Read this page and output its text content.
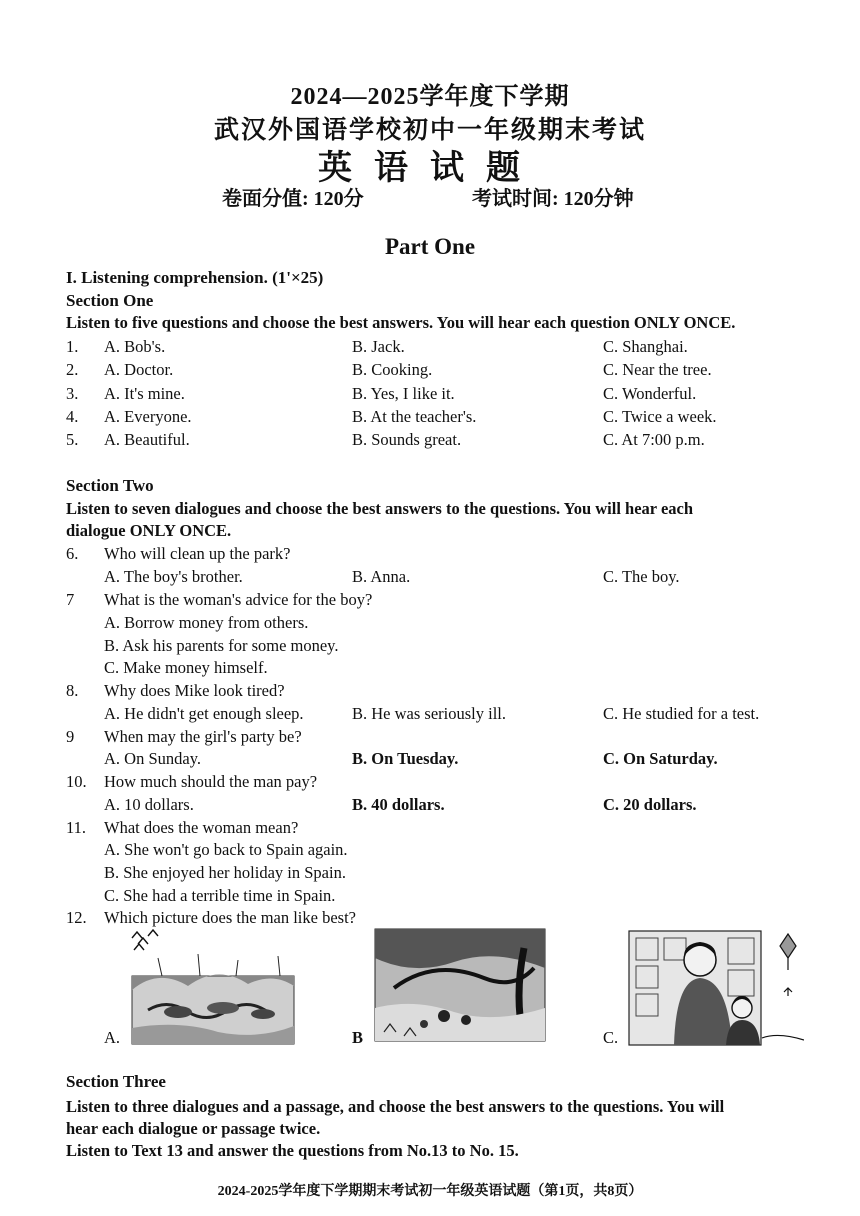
2024—2025学年度下学期
武汉外国语学校初中一年级期末考试
英语试题
卷面分值: 120分	考试时间: 120分钟
Part One
I. Listening comprehension. (1'×25)
Section One
Listen to five questions and choose the best answers. You will hear each question ONLY ONCE.
1. A. Bob's.	B. Jack.	C. Shanghai.
2. A. Doctor.	B. Cooking.	C. Near the tree.
3. A. It's mine.	B. Yes, I like it.	C. Wonderful.
4. A. Everyone.	B. At the teacher's.	C. Twice a week.
5. A. Beautiful.	B. Sounds great.	C. At 7:00 p.m.
Section Two
Listen to seven dialogues and choose the best answers to the questions. You will hear each
dialogue ONLY ONCE.
6. Who will clean up the park?
A. The boy's brother.	B. Anna.	C. The boy.
7 What is the woman's advice for the boy?
A. Borrow money from others.
B. Ask his parents for some money.
C. Make money himself.
8. Why does Mike look tired?
A. He didn't get enough sleep.	B. He was seriously ill.	C. He studied for a test.
9 When may the girl's party be?
A. On Sunday.	B. On Tuesday.	C. On Saturday.
10. How much should the man pay?
A. 10 dollars.	B. 40 dollars.	C. 20 dollars.
11. What does the woman mean?
A. She won't go back to Spain again.
B. She enjoyed her holiday in Spain.
C. She had a terrible time in Spain.
12. Which picture does the man like best?
A.	B	C.
Section Three
Listen to three dialogues and a passage, and choose the best answers to the questions. You will
hear each dialogue or passage twice.
Listen to Text 13 and answer the questions from No.13 to No. 15.
2024-2025学年度下学期期末考试初一年级英语试题（第1页，共8页）
